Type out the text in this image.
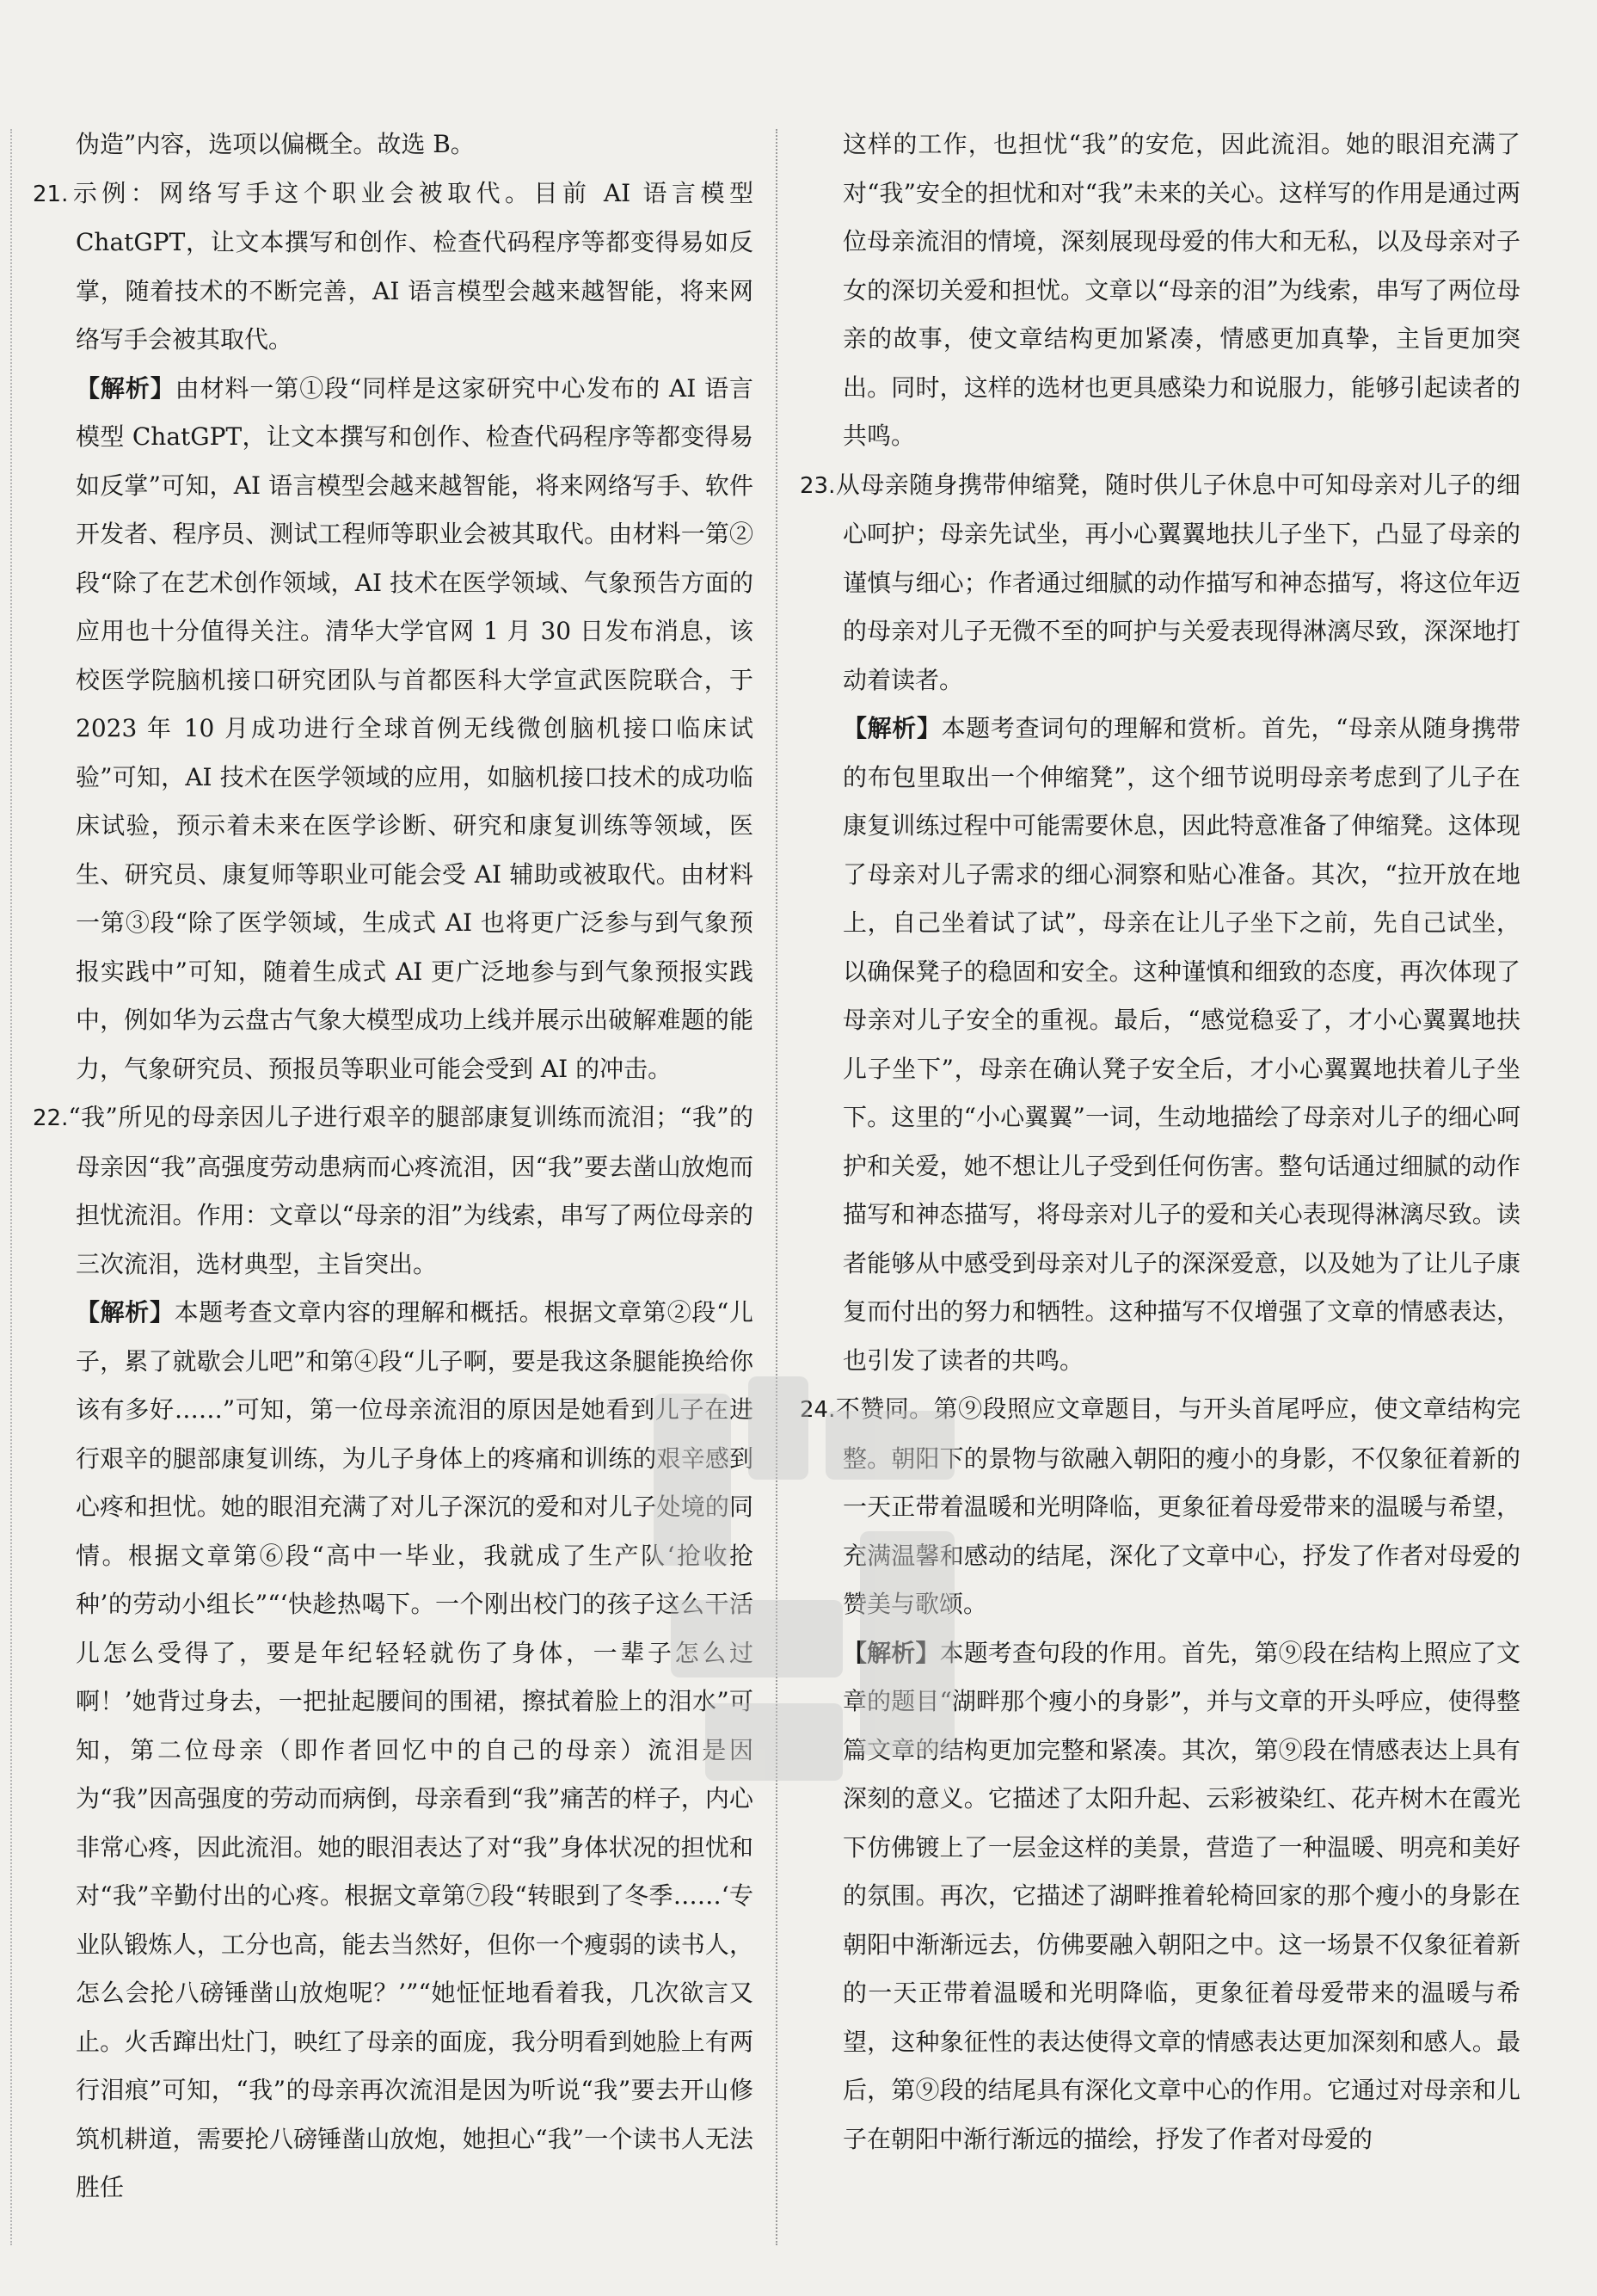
伪造”内容，选项以偏概全。故选 B。

21.示例：网络写手这个职业会被取代。目前 AI 语言模型 ChatGPT，让文本撰写和创作、检查代码程序等都变得易如反掌，随着技术的不断完善，AI 语言模型会越来越智能，将来网络写手会被其取代。

【解析】由材料一第①段“同样是这家研究中心发布的 AI 语言模型 ChatGPT，让文本撰写和创作、检查代码程序等都变得易如反掌”可知，AI 语言模型会越来越智能，将来网络写手、软件开发者、程序员、测试工程师等职业会被其取代。由材料一第②段“除了在艺术创作领域，AI 技术在医学领域、气象预告方面的应用也十分值得关注。清华大学官网 1 月 30 日发布消息，该校医学院脑机接口研究团队与首都医科大学宣武医院联合，于 2023 年 10 月成功进行全球首例无线微创脑机接口临床试验”可知，AI 技术在医学领域的应用，如脑机接口技术的成功临床试验，预示着未来在医学诊断、研究和康复训练等领域，医生、研究员、康复师等职业可能会受 AI 辅助或被取代。由材料一第③段“除了医学领域，生成式 AI 也将更广泛参与到气象预报实践中”可知，随着生成式 AI 更广泛地参与到气象预报实践中，例如华为云盘古气象大模型成功上线并展示出破解难题的能力，气象研究员、预报员等职业可能会受到 AI 的冲击。

22.“我”所见的母亲因儿子进行艰辛的腿部康复训练而流泪；“我”的母亲因“我”高强度劳动患病而心疼流泪，因“我”要去凿山放炮而担忧流泪。作用：文章以“母亲的泪”为线索，串写了两位母亲的三次流泪，选材典型，主旨突出。

【解析】本题考查文章内容的理解和概括。根据文章第②段“儿子，累了就歇会儿吧”和第④段“儿子啊，要是我这条腿能换给你该有多好……”可知，第一位母亲流泪的原因是她看到儿子在进行艰辛的腿部康复训练，为儿子身体上的疼痛和训练的艰辛感到心疼和担忧。她的眼泪充满了对儿子深沉的爱和对儿子处境的同情。根据文章第⑥段“高中一毕业，我就成了生产队‘抢收抢种’的劳动小组长”“‘快趁热喝下。一个刚出校门的孩子这么干活儿怎么受得了，要是年纪轻轻就伤了身体，一辈子怎么过啊！’她背过身去，一把扯起腰间的围裙，擦拭着脸上的泪水”可知，第二位母亲（即作者回忆中的自己的母亲）流泪是因为“我”因高强度的劳动而病倒，母亲看到“我”痛苦的样子，内心非常心疼，因此流泪。她的眼泪表达了对“我”身体状况的担忧和对“我”辛勤付出的心疼。根据文章第⑦段“转眼到了冬季……‘专业队锻炼人，工分也高，能去当然好，但你一个瘦弱的读书人，怎么会抡八磅锤凿山放炮呢？’”“她怔怔地看着我，几次欲言又止。火舌蹿出灶门，映红了母亲的面庞，我分明看到她脸上有两行泪痕”可知，“我”的母亲再次流泪是因为听说“我”要去开山修筑机耕道，需要抡八磅锤凿山放炮，她担心“我”一个读书人无法胜任

这样的工作，也担忧“我”的安危，因此流泪。她的眼泪充满了对“我”安全的担忧和对“我”未来的关心。这样写的作用是通过两位母亲流泪的情境，深刻展现母爱的伟大和无私，以及母亲对子女的深切关爱和担忧。文章以“母亲的泪”为线索，串写了两位母亲的故事，使文章结构更加紧凑，情感更加真挚，主旨更加突出。同时，这样的选材也更具感染力和说服力，能够引起读者的共鸣。

23.从母亲随身携带伸缩凳，随时供儿子休息中可知母亲对儿子的细心呵护；母亲先试坐，再小心翼翼地扶儿子坐下，凸显了母亲的谨慎与细心；作者通过细腻的动作描写和神态描写，将这位年迈的母亲对儿子无微不至的呵护与关爱表现得淋漓尽致，深深地打动着读者。

【解析】本题考查词句的理解和赏析。首先，“母亲从随身携带的布包里取出一个伸缩凳”，这个细节说明母亲考虑到了儿子在康复训练过程中可能需要休息，因此特意准备了伸缩凳。这体现了母亲对儿子需求的细心洞察和贴心准备。其次，“拉开放在地上，自己坐着试了试”，母亲在让儿子坐下之前，先自己试坐，以确保凳子的稳固和安全。这种谨慎和细致的态度，再次体现了母亲对儿子安全的重视。最后，“感觉稳妥了，才小心翼翼地扶儿子坐下”，母亲在确认凳子安全后，才小心翼翼地扶着儿子坐下。这里的“小心翼翼”一词，生动地描绘了母亲对儿子的细心呵护和关爱，她不想让儿子受到任何伤害。整句话通过细腻的动作描写和神态描写，将母亲对儿子的爱和关心表现得淋漓尽致。读者能够从中感受到母亲对儿子的深深爱意，以及她为了让儿子康复而付出的努力和牺牲。这种描写不仅增强了文章的情感表达，也引发了读者的共鸣。

24.不赞同。第⑨段照应文章题目，与开头首尾呼应，使文章结构完整。朝阳下的景物与欲融入朝阳的瘦小的身影，不仅象征着新的一天正带着温暖和光明降临，更象征着母爱带来的温暖与希望，充满温馨和感动的结尾，深化了文章中心，抒发了作者对母爱的赞美与歌颂。

【解析】本题考查句段的作用。首先，第⑨段在结构上照应了文章的题目“湖畔那个瘦小的身影”，并与文章的开头呼应，使得整篇文章的结构更加完整和紧凑。其次，第⑨段在情感表达上具有深刻的意义。它描述了太阳升起、云彩被染红、花卉树木在霞光下仿佛镀上了一层金这样的美景，营造了一种温暖、明亮和美好的氛围。再次，它描述了湖畔推着轮椅回家的那个瘦小的身影在朝阳中渐渐远去，仿佛要融入朝阳之中。这一场景不仅象征着新的一天正带着温暖和光明降临，更象征着母爱带来的温暖与希望，这种象征性的表达使得文章的情感表达更加深刻和感人。最后，第⑨段的结尾具有深化文章中心的作用。它通过对母亲和儿子在朝阳中渐行渐远的描绘，抒发了作者对母爱的
